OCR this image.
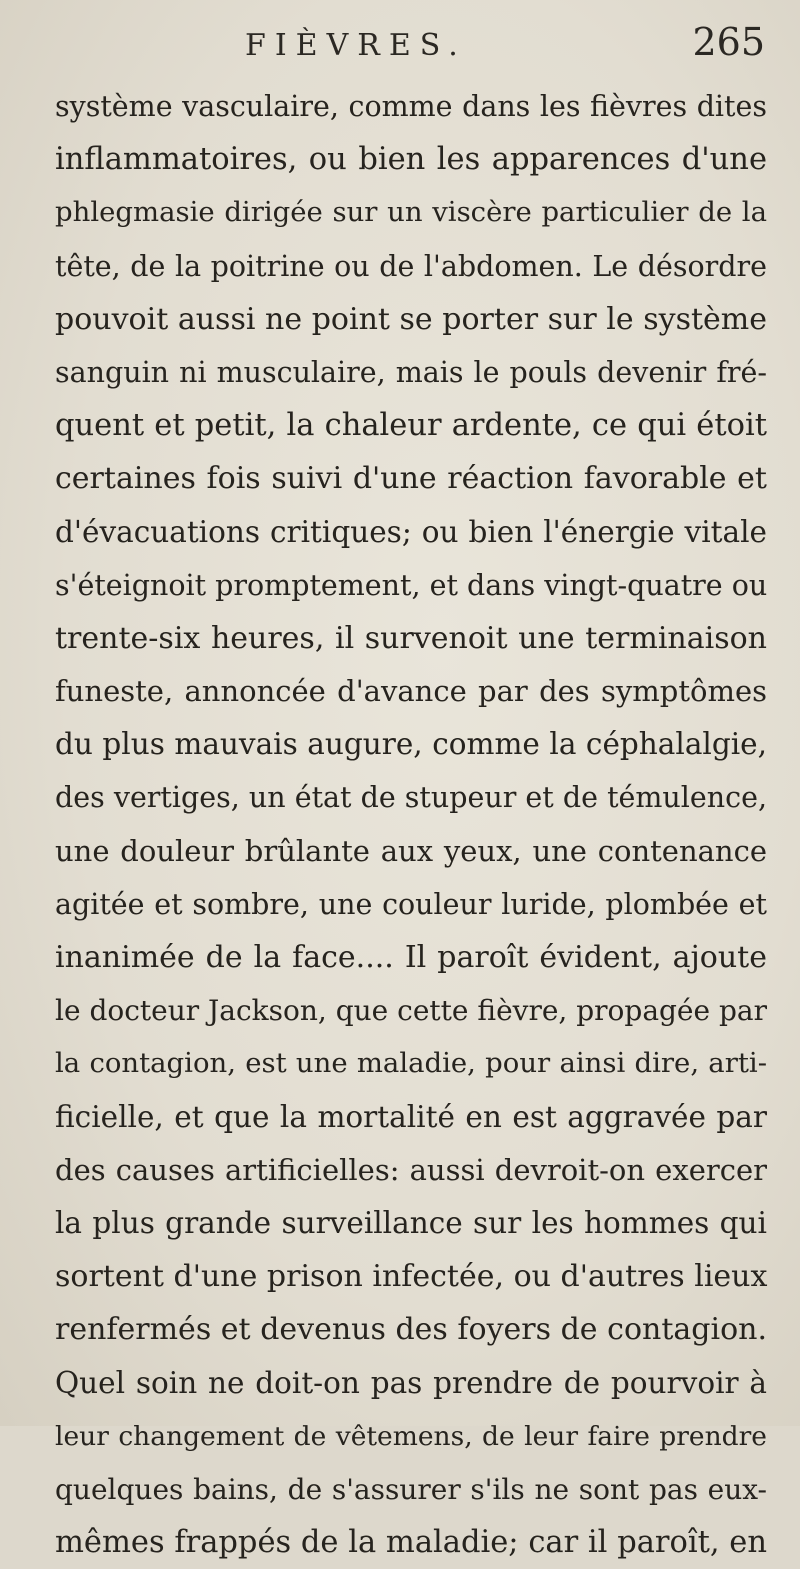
FIÈVRES.	265
système vasculaire, comme dans les fièvres dites
inflammatoires, ou bien les apparences d'une
phlegmasie dirigée sur un viscère particulier de la
tête, de la poitrine ou de l'abdomen. Le désordre
pouvoit aussi ne point se porter sur le système
sanguin ni musculaire, mais le pouls devenir fré-
quent et petit, la chaleur ardente, ce qui étoit
certaines fois suivi d'une réaction favorable et
d'évacuations critiques; ou bien l'énergie vitale
s'éteignoit promptement, et dans vingt-quatre ou
trente-six heures, il survenoit une terminaison
funeste, annoncée d'avance par des symptômes
du plus mauvais augure, comme la céphalalgie,
des vertiges, un état de stupeur et de témulence,
une douleur brûlante aux yeux, une contenance
agitée et sombre, une couleur luride, plombée et
inanimée de la face.... Il paroît évident, ajoute
le docteur Jackson, que cette fièvre, propagée par
la contagion, est une maladie, pour ainsi dire, arti-
ficielle, et que la mortalité en est aggravée par
des causes artificielles: aussi devroit-on exercer
la plus grande surveillance sur les hommes qui
sortent d'une prison infectée, ou d'autres lieux
renfermés et devenus des foyers de contagion.
Quel soin ne doit-on pas prendre de pourvoir à
leur changement de vêtemens, de leur faire prendre
quelques bains, de s'assurer s'ils ne sont pas eux-
mêmes frappés de la maladie; car il paroît, en
